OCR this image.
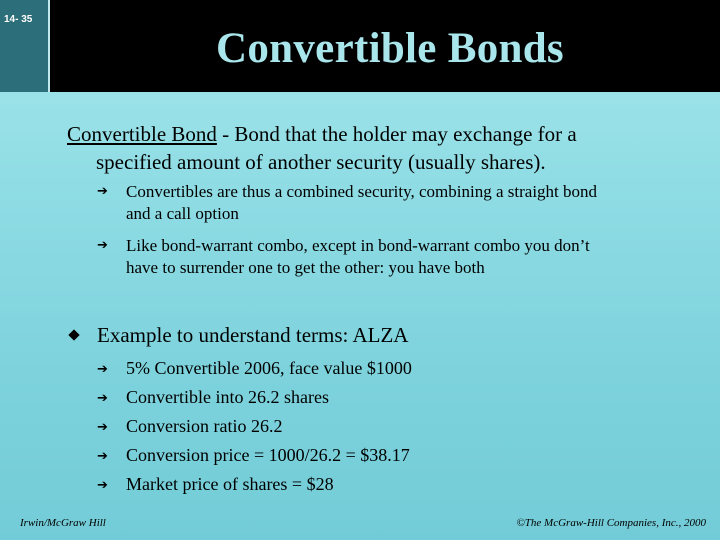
14- 35
Convertible Bonds
Convertible Bond - Bond that the holder may exchange for a
specified amount of another security (usually shares).
➔	Convertibles are thus a combined security, combining a straight bond
and a call option
➔	Like bond-warrant combo, except in bond-warrant combo you don’t
have to surrender one to get the other: you have both
Example to understand terms: ALZA
➔ 5% Convertible 2006, face value $1000
➔ Convertible into 26.2 shares
➔ Conversion ratio 26.2
➔ Conversion price = 1000/26.2 = $38.17
➔ Market price of shares = $28
Irwin/McGraw Hill	©The McGraw-Hill Companies, Inc., 2000
